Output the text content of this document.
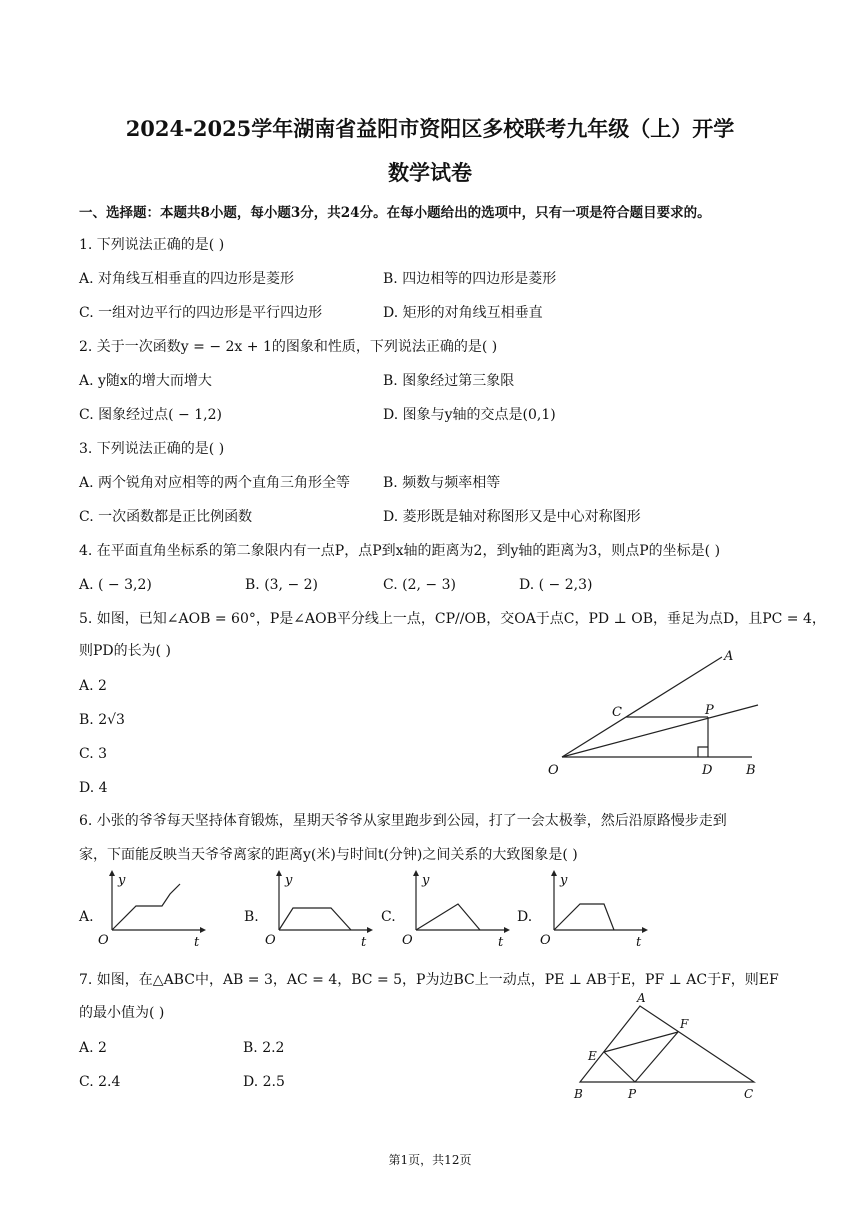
2024-2025学年湖南省益阳市资阳区多校联考九年级（上）开学
数学试卷
一、选择题：本题共8小题，每小题3分，共24分。在每小题给出的选项中，只有一项是符合题目要求的。
1. 下列说法正确的是( )
A. 对角线互相垂直的四边形是菱形	B. 四边相等的四边形是菱形
C. 一组对边平行的四边形是平行四边形	D. 矩形的对角线互相垂直
2. 关于一次函数y = − 2x + 1的图象和性质，下列说法正确的是( )
A. y随x的增大而增大	B. 图象经过第三象限
C. 图象经过点( − 1,2)	D. 图象与y轴的交点是(0,1)
3. 下列说法正确的是( )
A. 两个锐角对应相等的两个直角三角形全等 B. 频数与频率相等
C. 一次函数都是正比例函数	D. 菱形既是轴对称图形又是中心对称图形
4. 在平面直角坐标系的第二象限内有一点P，点P到x轴的距离为2，到y轴的距离为3，则点P的坐标是( )
A. ( − 3,2)	B. (3, − 2)	C. (2, − 3)	D. ( − 2,3)
5. 如图，已知∠AOB = 60°，P是∠AOB平分线上一点，CP//OB，交OA于点C，PD ⊥ OB，垂足为点D，且PC = 4，
则PD的长为( )
A. 2
B. 2√3
C. 3
D. 4
A
C	P
O	D	B
6. 小张的爷爷每天坚持体育锻炼，星期天爷爷从家里跑步到公园，打了一会太极拳，然后沿原路慢步走到
家，下面能反映当天爷爷离家的距离y(米)与时间t(分钟)之间关系的大致图象是( )
A.	B.	C.	D.
y
O	t
y
O	t
y
O	t
y
O	t
7. 如图，在△ABC中，AB = 3，AC = 4，BC = 5，P为边BC上一动点，PE ⊥ AB于E，PF ⊥ AC于F，则EF
的最小值为( )
A. 2	B. 2.2
C. 2.4	D. 2.5
A
F
E
B	P	C
第1页，共12页
